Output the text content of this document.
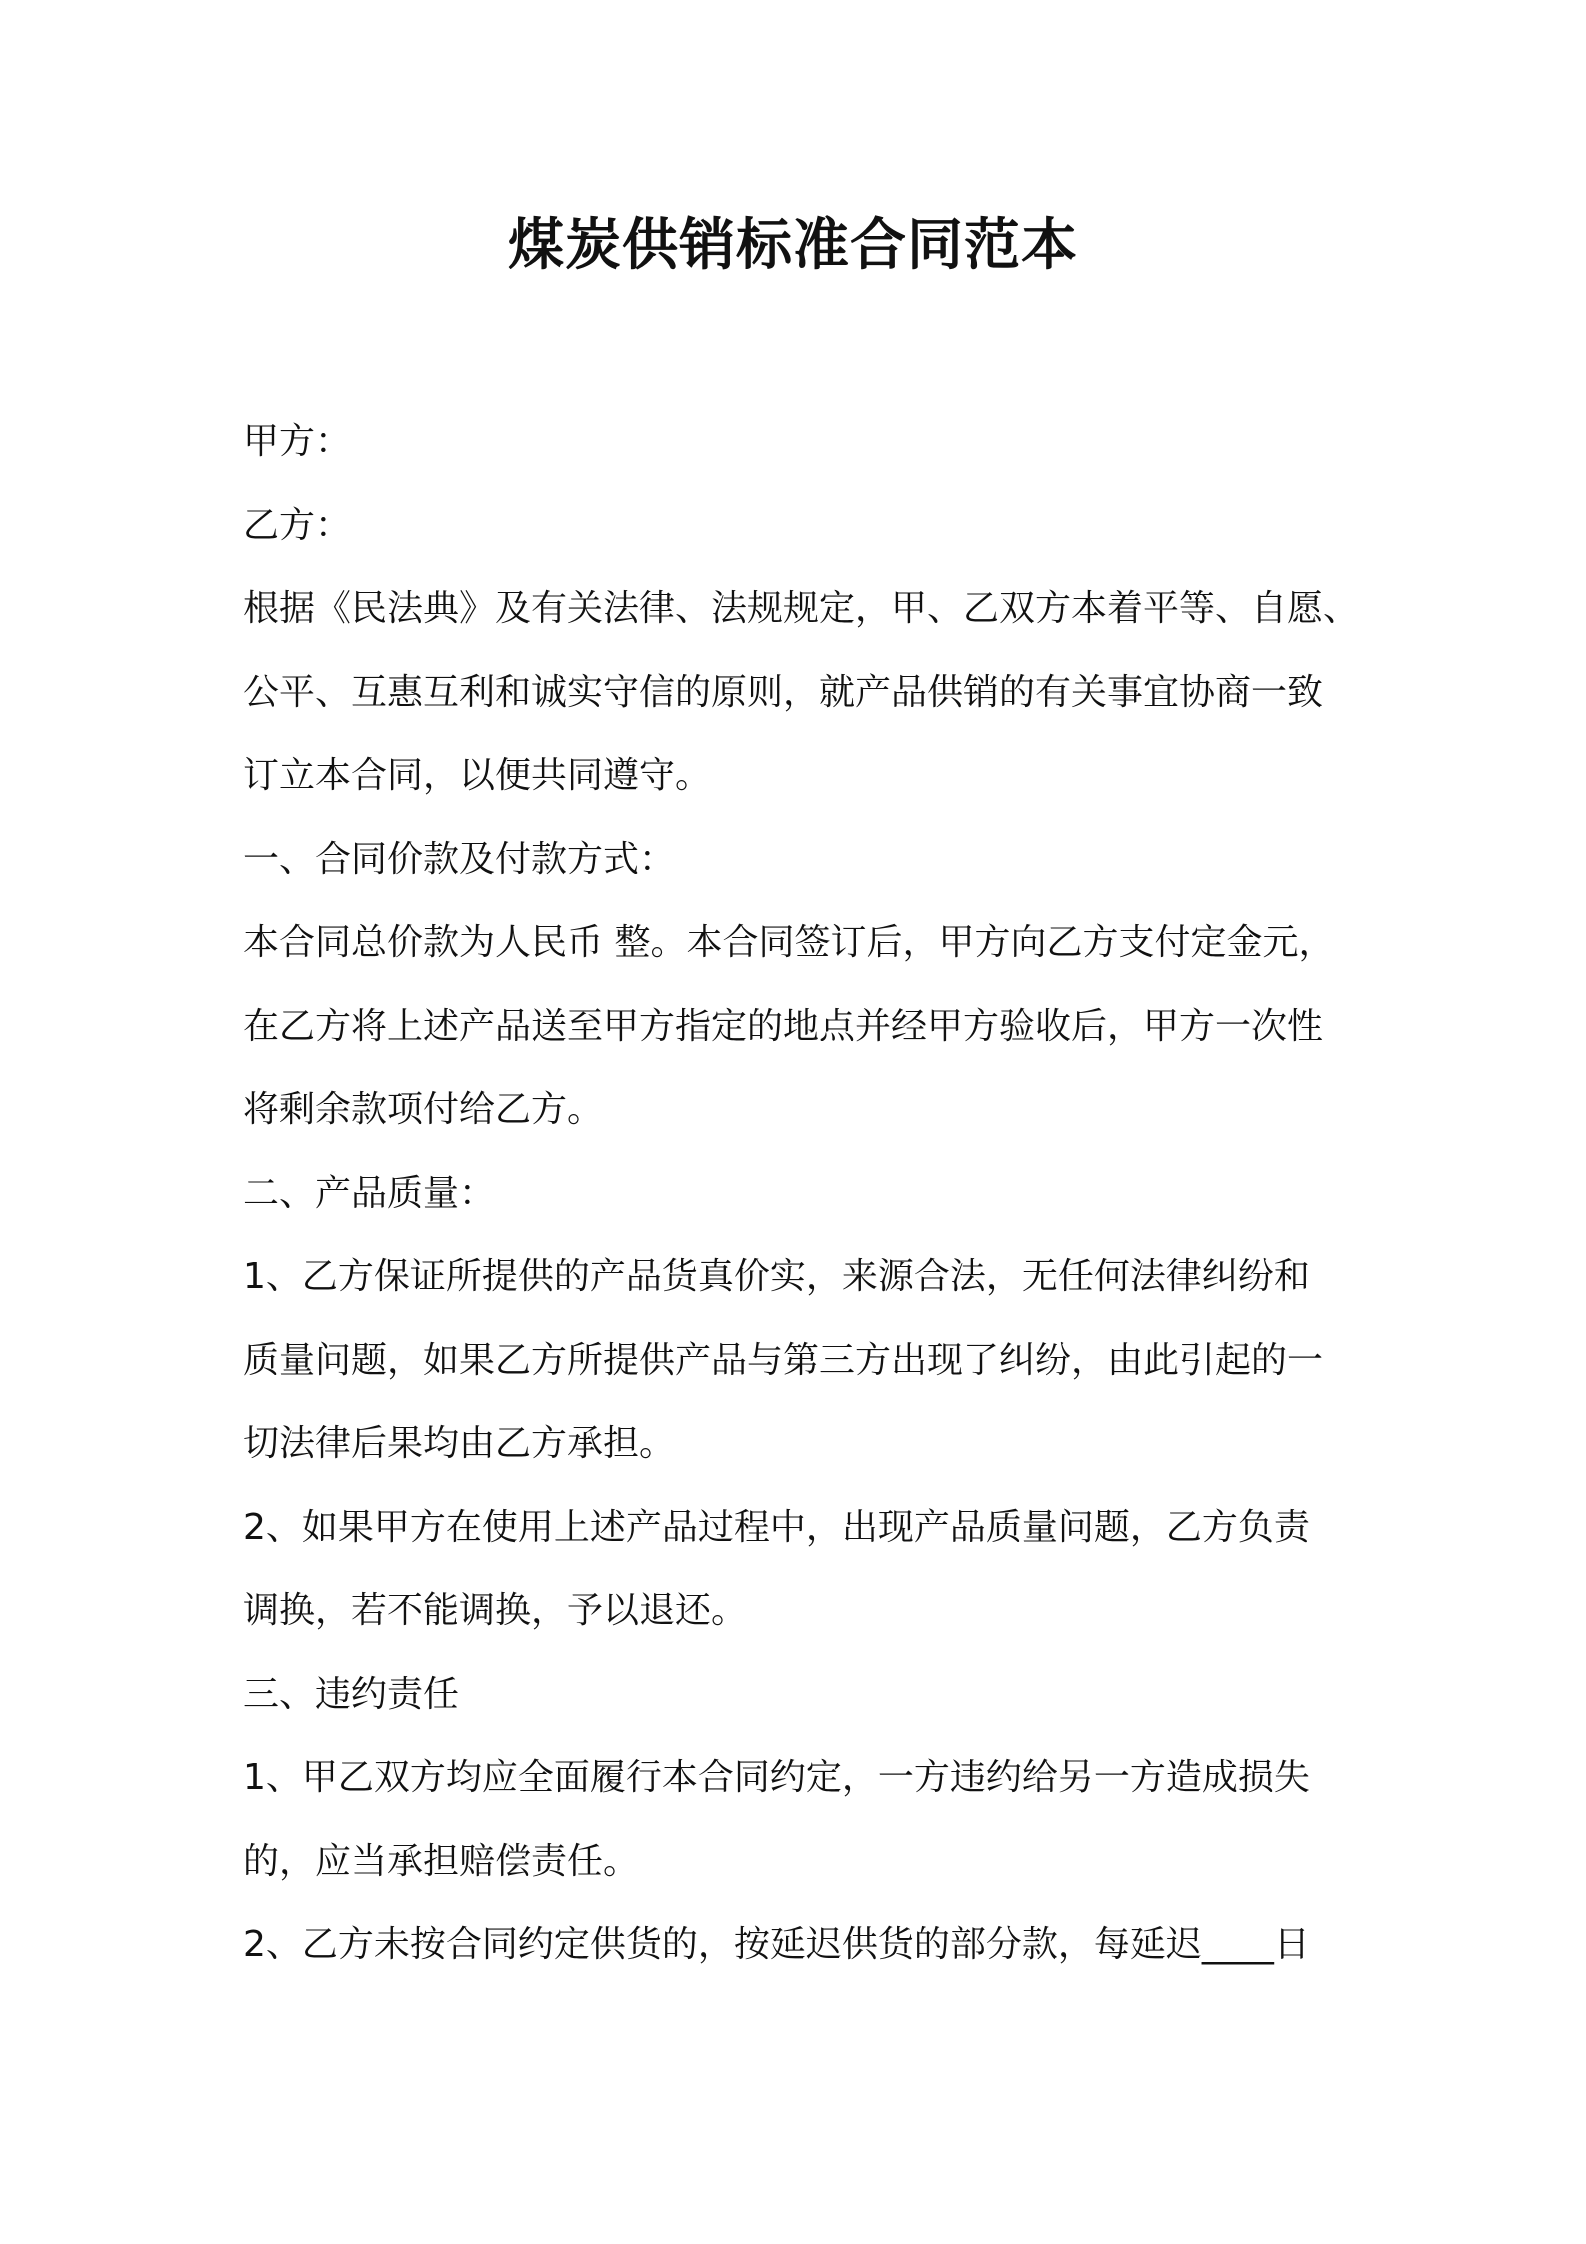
煤炭供销标准合同范本
甲方：
乙方：
根据《民法典》及有关法律、法规规定，甲、乙双方本着平等、自愿、
公平、互惠互利和诚实守信的原则，就产品供销的有关事宜协商一致
订立本合同，以便共同遵守。
一、合同价款及付款方式：
本合同总价款为人民币 整。本合同签订后，甲方向乙方支付定金元，
在乙方将上述产品送至甲方指定的地点并经甲方验收后，甲方一次性
将剩余款项付给乙方。
二、产品质量：
1、乙方保证所提供的产品货真价实，来源合法，无任何法律纠纷和
质量问题，如果乙方所提供产品与第三方出现了纠纷，由此引起的一
切法律后果均由乙方承担。
2、如果甲方在使用上述产品过程中，出现产品质量问题，乙方负责
调换，若不能调换，予以退还。
三、违约责任
1、甲乙双方均应全面履行本合同约定，一方违约给另一方造成损失
的，应当承担赔偿责任。
2、乙方未按合同约定供货的，按延迟供货的部分款，每延迟____日
